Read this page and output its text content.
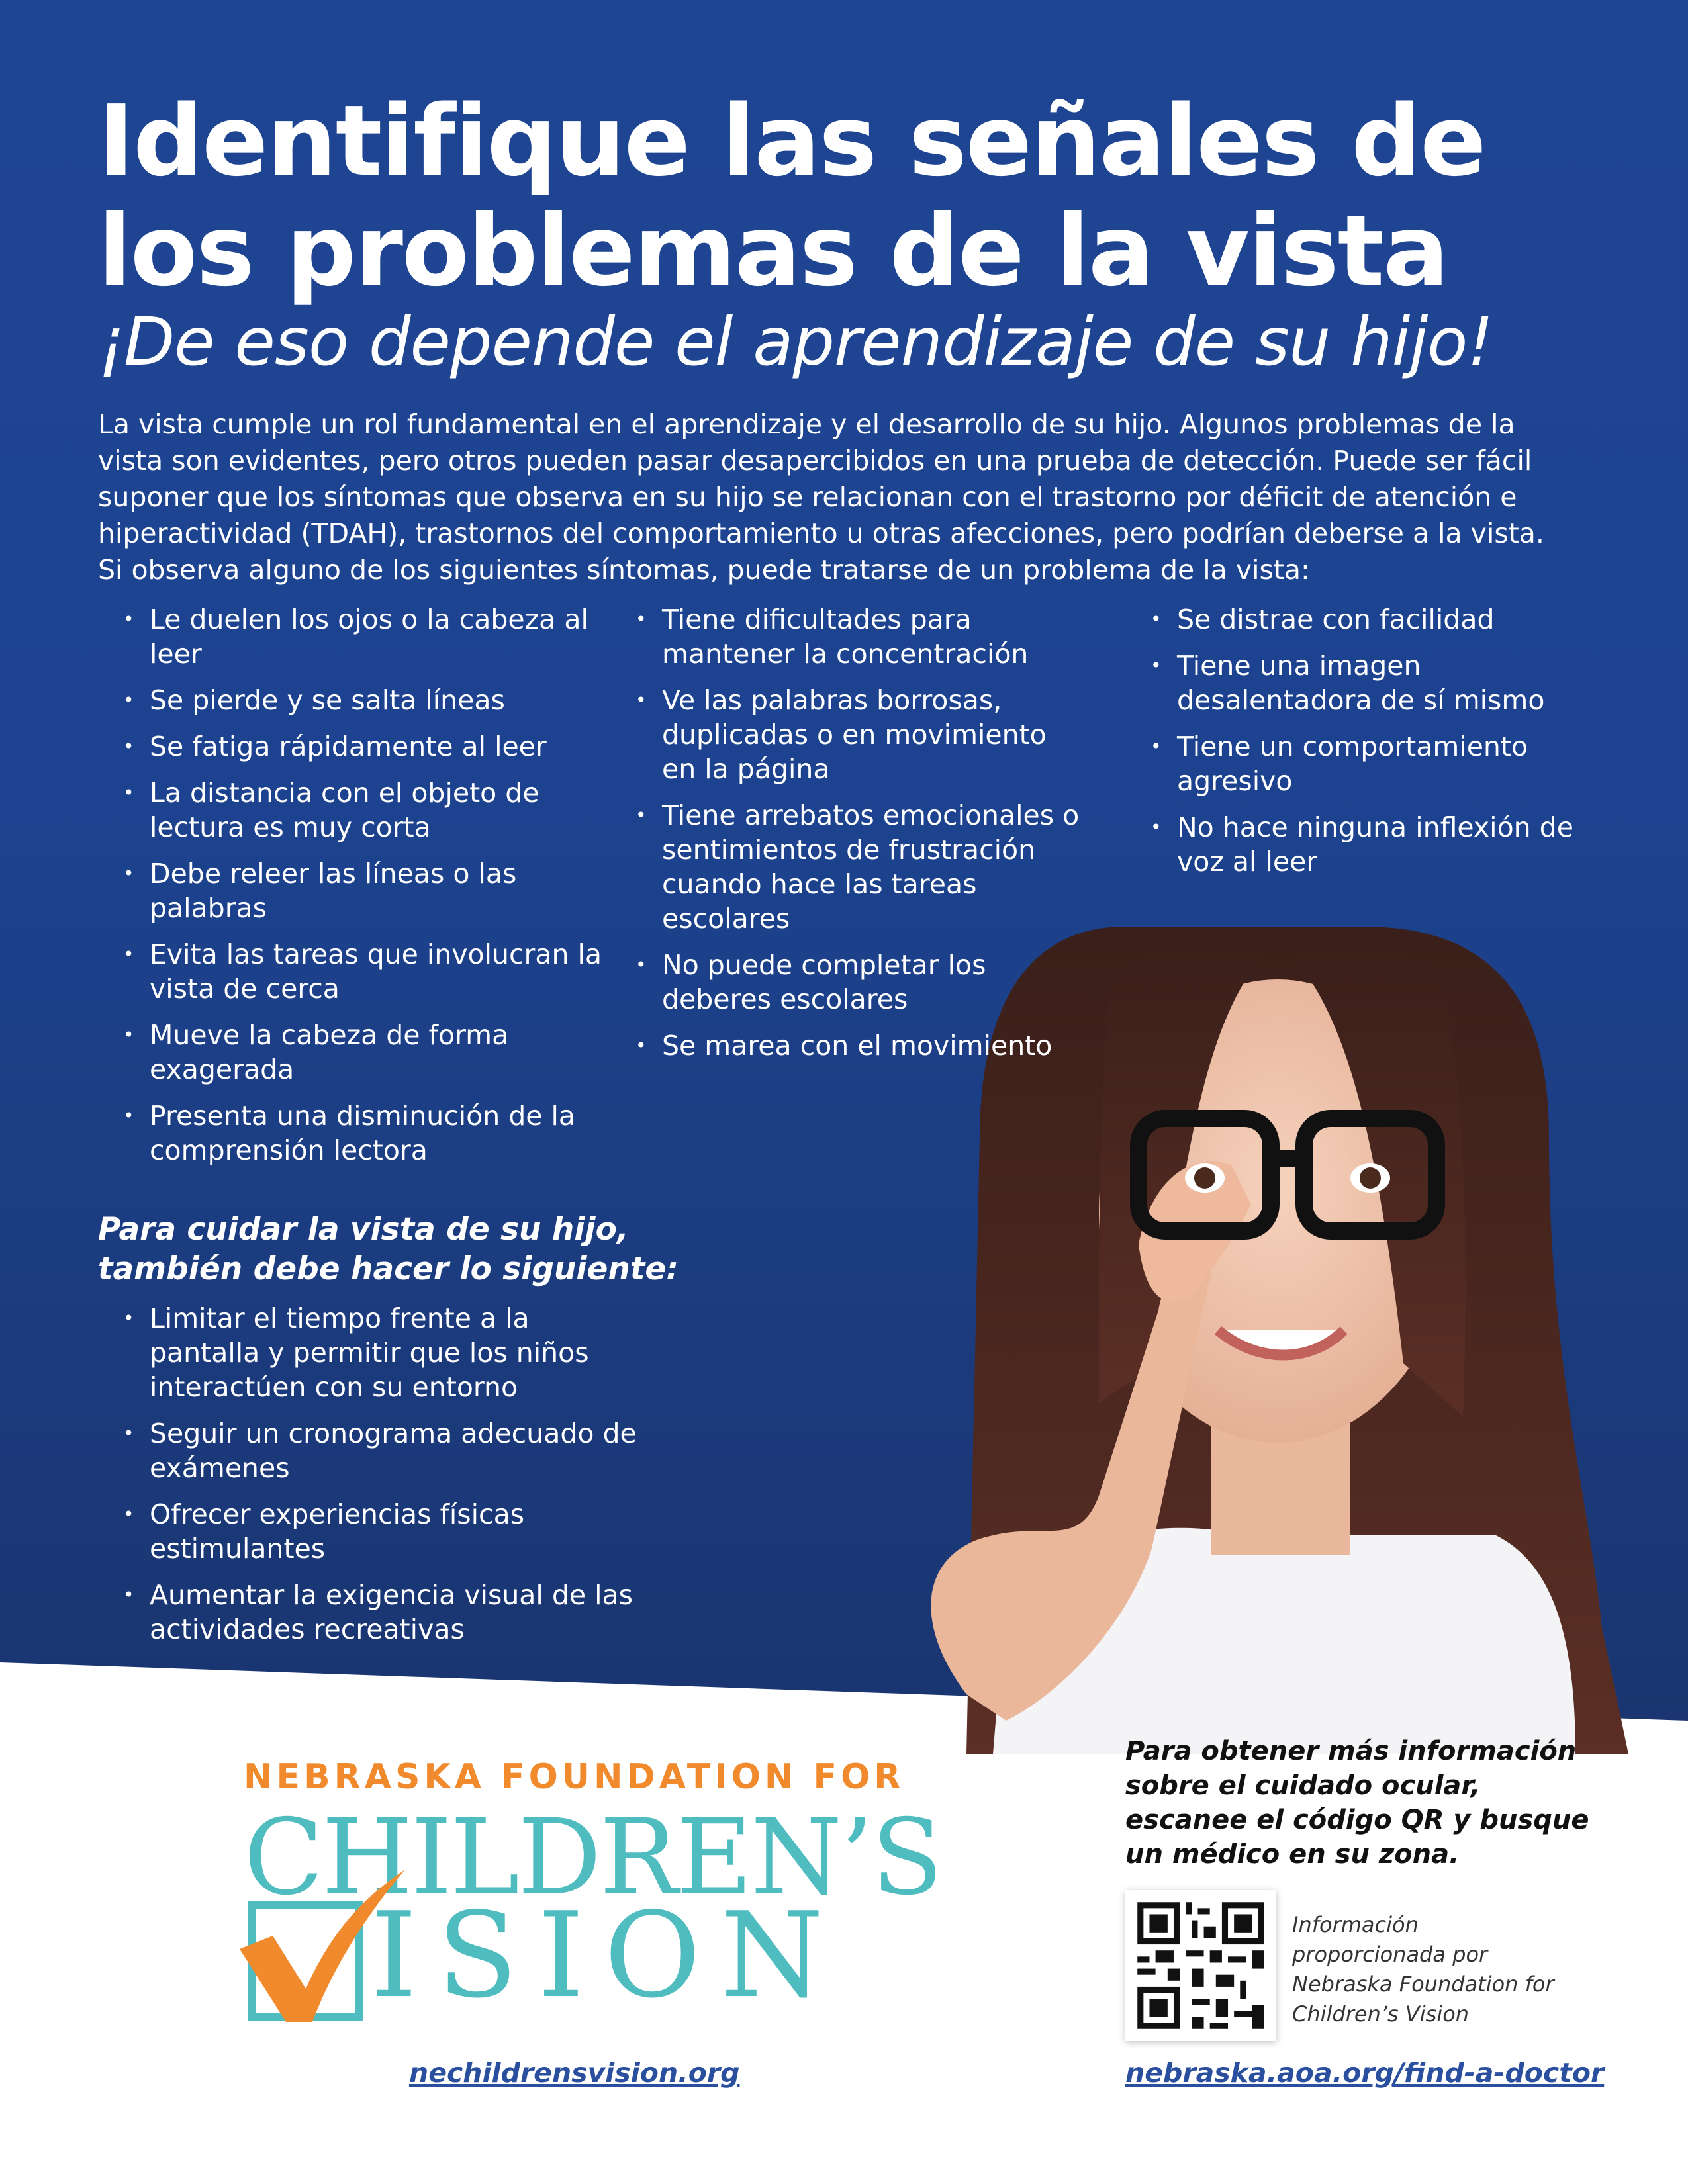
Identifique las señales de
los problemas de la vista
¡De eso depende el aprendizaje de su hijo!
La vista cumple un rol fundamental en el aprendizaje y el desarrollo de su hijo. Algunos problemas de la
vista son evidentes, pero otros pueden pasar desapercibidos en una prueba de detección. Puede ser fácil
suponer que los síntomas que observa en su hijo se relacionan con el trastorno por déficit de atención e
hiperactividad (TDAH), trastornos del comportamiento u otras afecciones, pero podrían deberse a la vista.
Si observa alguno de los siguientes síntomas, puede tratarse de un problema de la vista:
• Le duelen los ojos o la cabeza al leer
• Se pierde y se salta líneas
• Se fatiga rápidamente al leer
• La distancia con el objeto de lectura es muy corta
• Debe releer las líneas o las palabras
• Evita las tareas que involucran la vista de cerca
• Mueve la cabeza de forma exagerada
• Presenta una disminución de la comprensión lectora
• Tiene dificultades para mantener la concentración
• Ve las palabras borrosas, duplicadas o en movimiento en la página
• Tiene arrebatos emocionales o sentimientos de frustración cuando hace las tareas escolares
• No puede completar los deberes escolares
• Se marea con el movimiento
• Se distrae con facilidad
• Tiene una imagen desalentadora de sí mismo
• Tiene un comportamiento agresivo
• No hace ninguna inflexión de voz al leer
Para cuidar la vista de su hijo, también debe hacer lo siguiente:
• Limitar el tiempo frente a la pantalla y permitir que los niños interactúen con su entorno
• Seguir un cronograma adecuado de exámenes
• Ofrecer experiencias físicas estimulantes
• Aumentar la exigencia visual de las actividades recreativas
NEBRASKA FOUNDATION FOR
CHILDREN’S
ISION
nechildrensvision.org
Para obtener más información sobre el cuidado ocular, escanee el código QR y busque un médico en su zona.
Información proporcionada por Nebraska Foundation for Children’s Vision
nebraska.aoa.org/find-a-doctor
